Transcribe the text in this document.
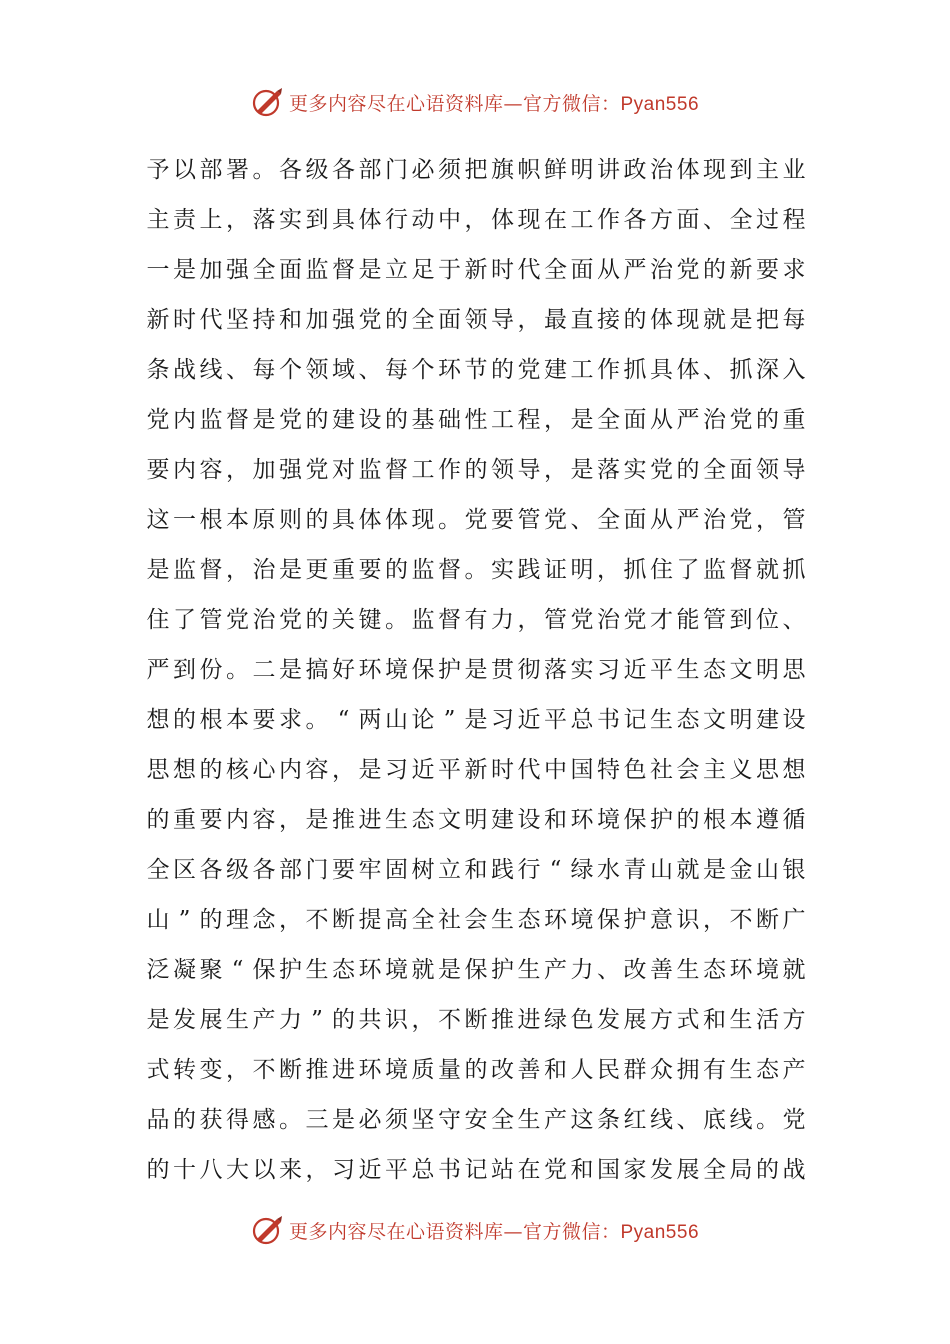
更多内容尽在心语资料库—官方微信：Pyan556
予 以 部 署 。 各 级 各 部 门 必 须 把 旗 帜 鲜 明 讲 政 治 体 现 到 主 业
主 责 上 ， 落 实 到 具 体 行 动 中 ， 体 现 在 工 作 各 方 面 、 全 过 程
一 是 加 强 全 面 监 督 是 立 足 于 新 时 代 全 面 从 严 治 党 的 新 要 求
新 时 代 坚 持 和 加 强 党 的 全 面 领 导 ， 最 直 接 的 体 现 就 是 把 每
条 战 线 、 每 个 领 域 、 每 个 环 节 的 党 建 工 作 抓 具 体 、 抓 深 入
党 内 监 督 是 党 的 建 设 的 基 础 性 工 程 ， 是 全 面 从 严 治 党 的 重
要 内 容 ， 加 强 党 对 监 督 工 作 的 领 导 ， 是 落 实 党 的 全 面 领 导
这 一 根 本 原 则 的 具 体 体 现 。 党 要 管 党 、 全 面 从 严 治 党 ， 管
是 监 督 ， 治 是 更 重 要 的 监 督 。 实 践 证 明 ， 抓 住 了 监 督 就 抓
住 了 管 党 治 党 的 关 键 。 监 督 有 力 ， 管 党 治 党 才 能 管 到 位 、
严 到 份 。 二 是 搞 好 环 境 保 护 是 贯 彻 落 实 习 近 平 生 态 文 明 思
想 的 根 本 要 求 。 “ 两 山 论 ” 是 习 近 平 总 书 记 生 态 文 明 建 设
思 想 的 核 心 内 容 ， 是 习 近 平 新 时 代 中 国 特 色 社 会 主 义 思 想
的 重 要 内 容 ， 是 推 进 生 态 文 明 建 设 和 环 境 保 护 的 根 本 遵 循
全 区 各 级 各 部 门 要 牢 固 树 立 和 践 行 “ 绿 水 青 山 就 是 金 山 银
山 ” 的 理 念 ， 不 断 提 高 全 社 会 生 态 环 境 保 护 意 识 ， 不 断 广
泛 凝 聚 “ 保 护 生 态 环 境 就 是 保 护 生 产 力 、 改 善 生 态 环 境 就
是 发 展 生 产 力 ” 的 共 识 ， 不 断 推 进 绿 色 发 展 方 式 和 生 活 方
式 转 变 ， 不 断 推 进 环 境 质 量 的 改 善 和 人 民 群 众 拥 有 生 态 产
品 的 获 得 感 。 三 是 必 须 坚 守 安 全 生 产 这 条 红 线 、 底 线 。 党
的 十 八 大 以 来 ， 习 近 平 总 书 记 站 在 党 和 国 家 发 展 全 局 的 战
更多内容尽在心语资料库—官方微信：Pyan556
